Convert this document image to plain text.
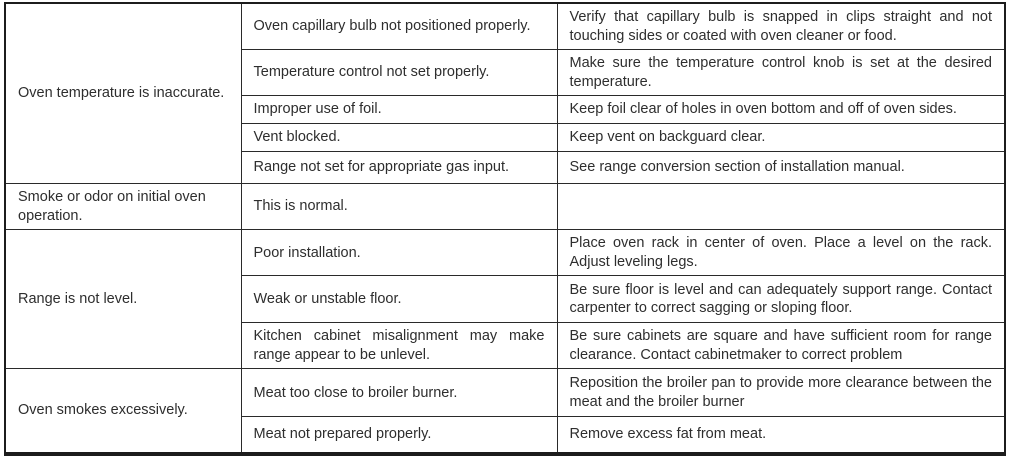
Oven temperature is inaccurate.	Oven capillary bulb not positioned properly.	Verify that capillary bulb is snapped in clips straight and not touching sides or coated with oven cleaner or food.
	Temperature control not set properly.	Make sure the temperature control knob is set at the desired temperature.
	Improper use of foil.	Keep foil clear of holes in oven bottom and off of oven sides.
	Vent blocked.	Keep vent on backguard clear.
	Range not set for appropriate gas input.	See range conversion section of installation manual.
Smoke or odor on initial oven operation.	This is normal.	
Range is not level.	Poor installation.	Place oven rack in center of oven. Place a level on the rack. Adjust leveling legs.
	Weak or unstable floor.	Be sure floor is level and can adequately support range. Contact carpenter to correct sagging or sloping floor.
	Kitchen cabinet misalignment may make range appear to be unlevel.	Be sure cabinets are square and have sufficient room for range clearance. Contact cabinetmaker to correct problem
Oven smokes excessively.	Meat too close to broiler burner.	Reposition the broiler pan to provide more clearance between the meat and the broiler burner
	Meat not prepared properly.	Remove excess fat from meat.
